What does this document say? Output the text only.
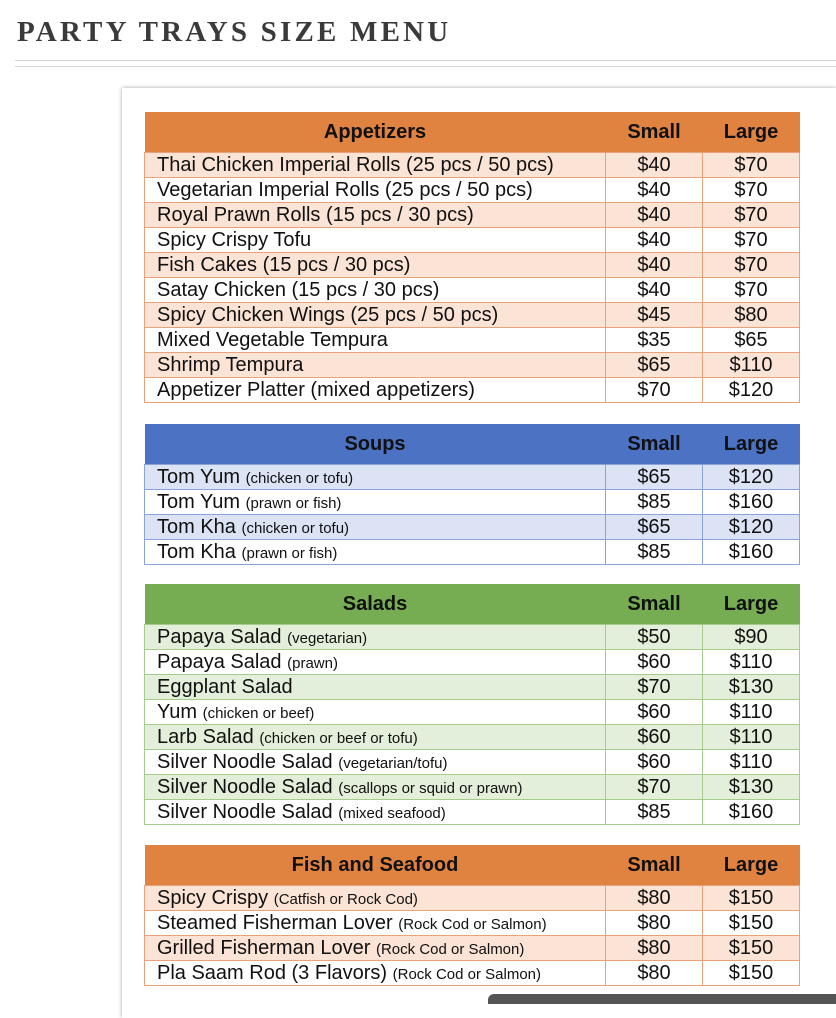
PARTY TRAYS SIZE MENU
Appetizers	Small	Large
Thai Chicken Imperial Rolls (25 pcs / 50 pcs)	$40	$70
Vegetarian Imperial Rolls (25 pcs / 50 pcs)	$40	$70
Royal Prawn Rolls (15 pcs / 30 pcs)	$40	$70
Spicy Crispy Tofu	$40	$70
Fish Cakes (15 pcs / 30 pcs)	$40	$70
Satay Chicken (15 pcs / 30 pcs)	$40	$70
Spicy Chicken Wings (25 pcs / 50 pcs)	$45	$80
Mixed Vegetable Tempura	$35	$65
Shrimp Tempura	$65	$110
Appetizer Platter (mixed appetizers)	$70	$120
Soups	Small	Large
Tom Yum (chicken or tofu)	$65	$120
Tom Yum (prawn or fish)	$85	$160
Tom Kha (chicken or tofu)	$65	$120
Tom Kha (prawn or fish)	$85	$160
Salads	Small	Large
Papaya Salad (vegetarian)	$50	$90
Papaya Salad (prawn)	$60	$110
Eggplant Salad	$70	$130
Yum (chicken or beef)	$60	$110
Larb Salad (chicken or beef or tofu)	$60	$110
Silver Noodle Salad (vegetarian/tofu)	$60	$110
Silver Noodle Salad (scallops or squid or prawn)	$70	$130
Silver Noodle Salad (mixed seafood)	$85	$160
Fish and Seafood	Small	Large
Spicy Crispy (Catfish or Rock Cod)	$80	$150
Steamed Fisherman Lover (Rock Cod or Salmon)	$80	$150
Grilled Fisherman Lover (Rock Cod or Salmon)	$80	$150
Pla Saam Rod (3 Flavors) (Rock Cod or Salmon)	$80	$150
